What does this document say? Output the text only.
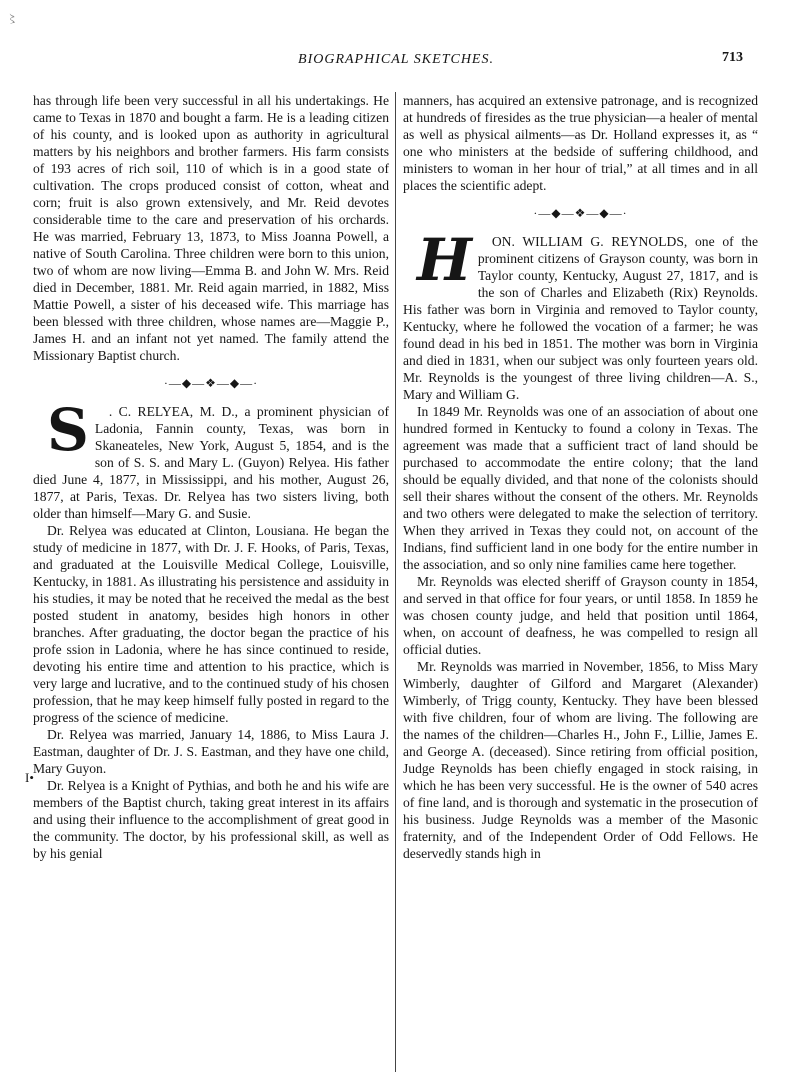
〻
BIOGRAPHICAL SKETCHES.	713
I•

has through life been very successful in all his undertakings. He came to Texas in 1870 and bought a farm. He is a leading citizen of his county, and is looked upon as authority in agricultural matters by his neighbors and brother farmers. His farm consists of 193 acres of rich soil, 110 of which is in a good state of cultivation. The crops produced consist of cotton, wheat and corn; fruit is also grown extensively, and Mr. Reid devotes considerable time to the care and preservation of his orchards. He was married, February 13, 1873, to Miss Joanna Powell, a native of South Carolina. Three children were born to this union, two of whom are now living—Emma B. and John W. Mrs. Reid died in December, 1881. Mr. Reid again married, in 1882, Miss Mattie Powell, a sister of his deceased wife. This marriage has been blessed with three children, whose names are—Maggie P., James H. and an infant not yet named. The family attend the Missionary Baptist church.

·—◆—❖—◆—·

S . C. RELYEA, M. D., a prominent physician of Ladonia, Fannin county, Texas, was born in Skaneateles, New York, August 5, 1854, and is the son of S. S. and Mary L. (Guyon) Relyea. His father died June 4, 1877, in Mississippi, and his mother, August 26, 1877, at Paris, Texas. Dr. Relyea has two sisters living, both older than himself—Mary G. and Susie.

Dr. Relyea was educated at Clinton, Lousiana. He began the study of medicine in 1877, with Dr. J. F. Hooks, of Paris, Texas, and graduated at the Louisville Medical College, Louisville, Kentucky, in 1881. As illustrating his persistence and assiduity in his studies, it may be noted that he received the medal as the best posted student in anatomy, besides high honors in other branches. After graduating, the doctor began the practice of his profe ssion in Ladonia, where he has since continued to reside, devoting his entire time and attention to his practice, which is very large and lucrative, and to the continued study of his chosen profession, that he may keep himself fully posted in regard to the progress of the science of medicine.

Dr. Relyea was married, January 14, 1886, to Miss Laura J. Eastman, daughter of Dr. J. S. Eastman, and they have one child, Mary Guyon.

Dr. Relyea is a Knight of Pythias, and both he and his wife are members of the Baptist church, taking great interest in its affairs and using their influence to the accomplishment of great good in the community. The doctor, by his professional skill, as well as by his genial

manners, has acquired an extensive patronage, and is recognized at hundreds of firesides as the true physician—a healer of mental as well as physical ailments—as Dr. Holland expresses it, as “ one who ministers at the bedside of suffering childhood, and ministers to woman in her hour of trial,” at all times and in all places the scientific adept.

·—◆—❖—◆—·

H ON. WILLIAM G. REYNOLDS, one of the prominent citizens of Grayson county, was born in Taylor county, Kentucky, August 27, 1817, and is the son of Charles and Elizabeth (Rix) Reynolds. His father was born in Virginia and removed to Taylor county, Kentucky, where he followed the vocation of a farmer; he was found dead in his bed in 1851. The mother was born in Virginia and died in 1831, when our subject was only fourteen years old. Mr. Reynolds is the youngest of three living children—A. S., Mary and William G.

In 1849 Mr. Reynolds was one of an association of about one hundred formed in Kentucky to found a colony in Texas. The agreement was made that a sufficient tract of land should be purchased to accommodate the entire colony; that the land should be equally divided, and that none of the colonists should sell their shares without the consent of the others. Mr. Reynolds and two others were delegated to make the selection of territory. When they arrived in Texas they could not, on account of the Indians, find sufficient land in one body for the entire number in the association, and so only nine families came here together.

Mr. Reynolds was elected sheriff of Grayson county in 1854, and served in that office for four years, or until 1858. In 1859 he was chosen county judge, and held that position until 1864, when, on account of deafness, he was compelled to resign all official duties.

Mr. Reynolds was married in November, 1856, to Miss Mary Wimberly, daughter of Gilford and Margaret (Alexander) Wimberly, of Trigg county, Kentucky. They have been blessed with five children, four of whom are living. The following are the names of the children—Charles H., John F., Lillie, James E. and George A. (deceased). Since retiring from official position, Judge Reynolds has been chiefly engaged in stock raising, in which he has been very successful. He is the owner of 540 acres of fine land, and is thorough and systematic in the prosecution of his business. Judge Reynolds was a member of the Masonic fraternity, and of the Independent Order of Odd Fellows. He deservedly stands high in
